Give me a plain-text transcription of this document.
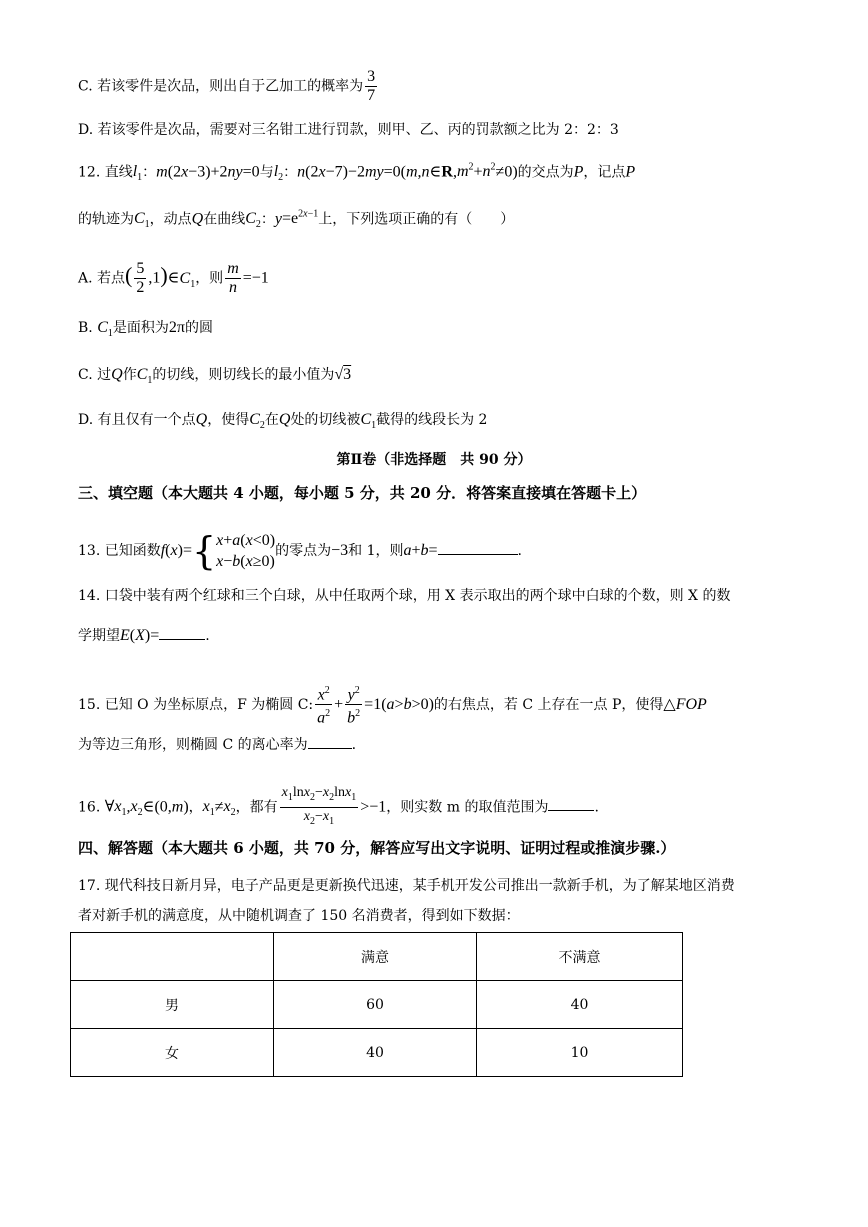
C. 若该零件是次品，则出自于乙加工的概率为 $\frac{3}{7}$
D. 若该零件是次品，需要对三名钳工进行罚款，则甲、乙、丙的罚款额之比为 2：2：3
12. 直线$l_1$：m(2x−3)+2ny=0与$l_2$：$n(2x-7)-2my=0(m,n\in R,m^2+n^2\ne 0)$的交点为P，记点P
的轨迹为$C_1$，动点Q在曲线$C_2$：$y=e^{2x-1}$上，下列选项正确的有（　　）
A. 若点( $\frac{5}{2}$ $,1)\in C_1$，则 $\frac{m}{n} =-1$
B. $C_1$是面积为2π的圆
C. 过Q作$C_1$的切线，则切线长的最小值为√3
D. 有且仅有一个点Q，使得$C_2$在Q处的切线被$C_1$截得的线段长为 2
第Ⅱ卷（非选择题　共 90 分）
三、填空题（本大题共 4 小题，每小题 5 分，共 20 分．将答案直接填在答题卡上）
13. 已知函数f(x)={ x+a(x<0)
x−b(x≥0)
的零点为−3和 1，则a+b=	.
14. 口袋中装有两个红球和三个白球，从中任取两个球，用 X 表示取出的两个球中白球的个数，则 X 的数
学期望E(X)=	.
15. 已知 O 为坐标原点，F 为椭圆 C: $\frac{x^2}{a^2} + \frac{y^2}{b^2} =1(a>b>0)$的右焦点，若 C 上存在一点 P，使得△FOP
为等边三角形，则椭圆 C 的离心率为	.
16. $\forall x_1,x_2\in(0,m)$，$x_1\ne x_2$，都有 $\frac{x_1\ln x_2-x_2\ln x_1}{x_2-x_1} >-1$，则实数 m 的取值范围为	.
四、解答题（本大题共 6 小题，共 70 分，解答应写出文字说明、证明过程或推演步骤.）
17. 现代科技日新月异，电子产品更是更新换代迅速，某手机开发公司推出一款新手机，为了解某地区消费
者对新手机的满意度，从中随机调查了 150 名消费者，得到如下数据：
	满意	不满意
男	60	40
女	40	10
